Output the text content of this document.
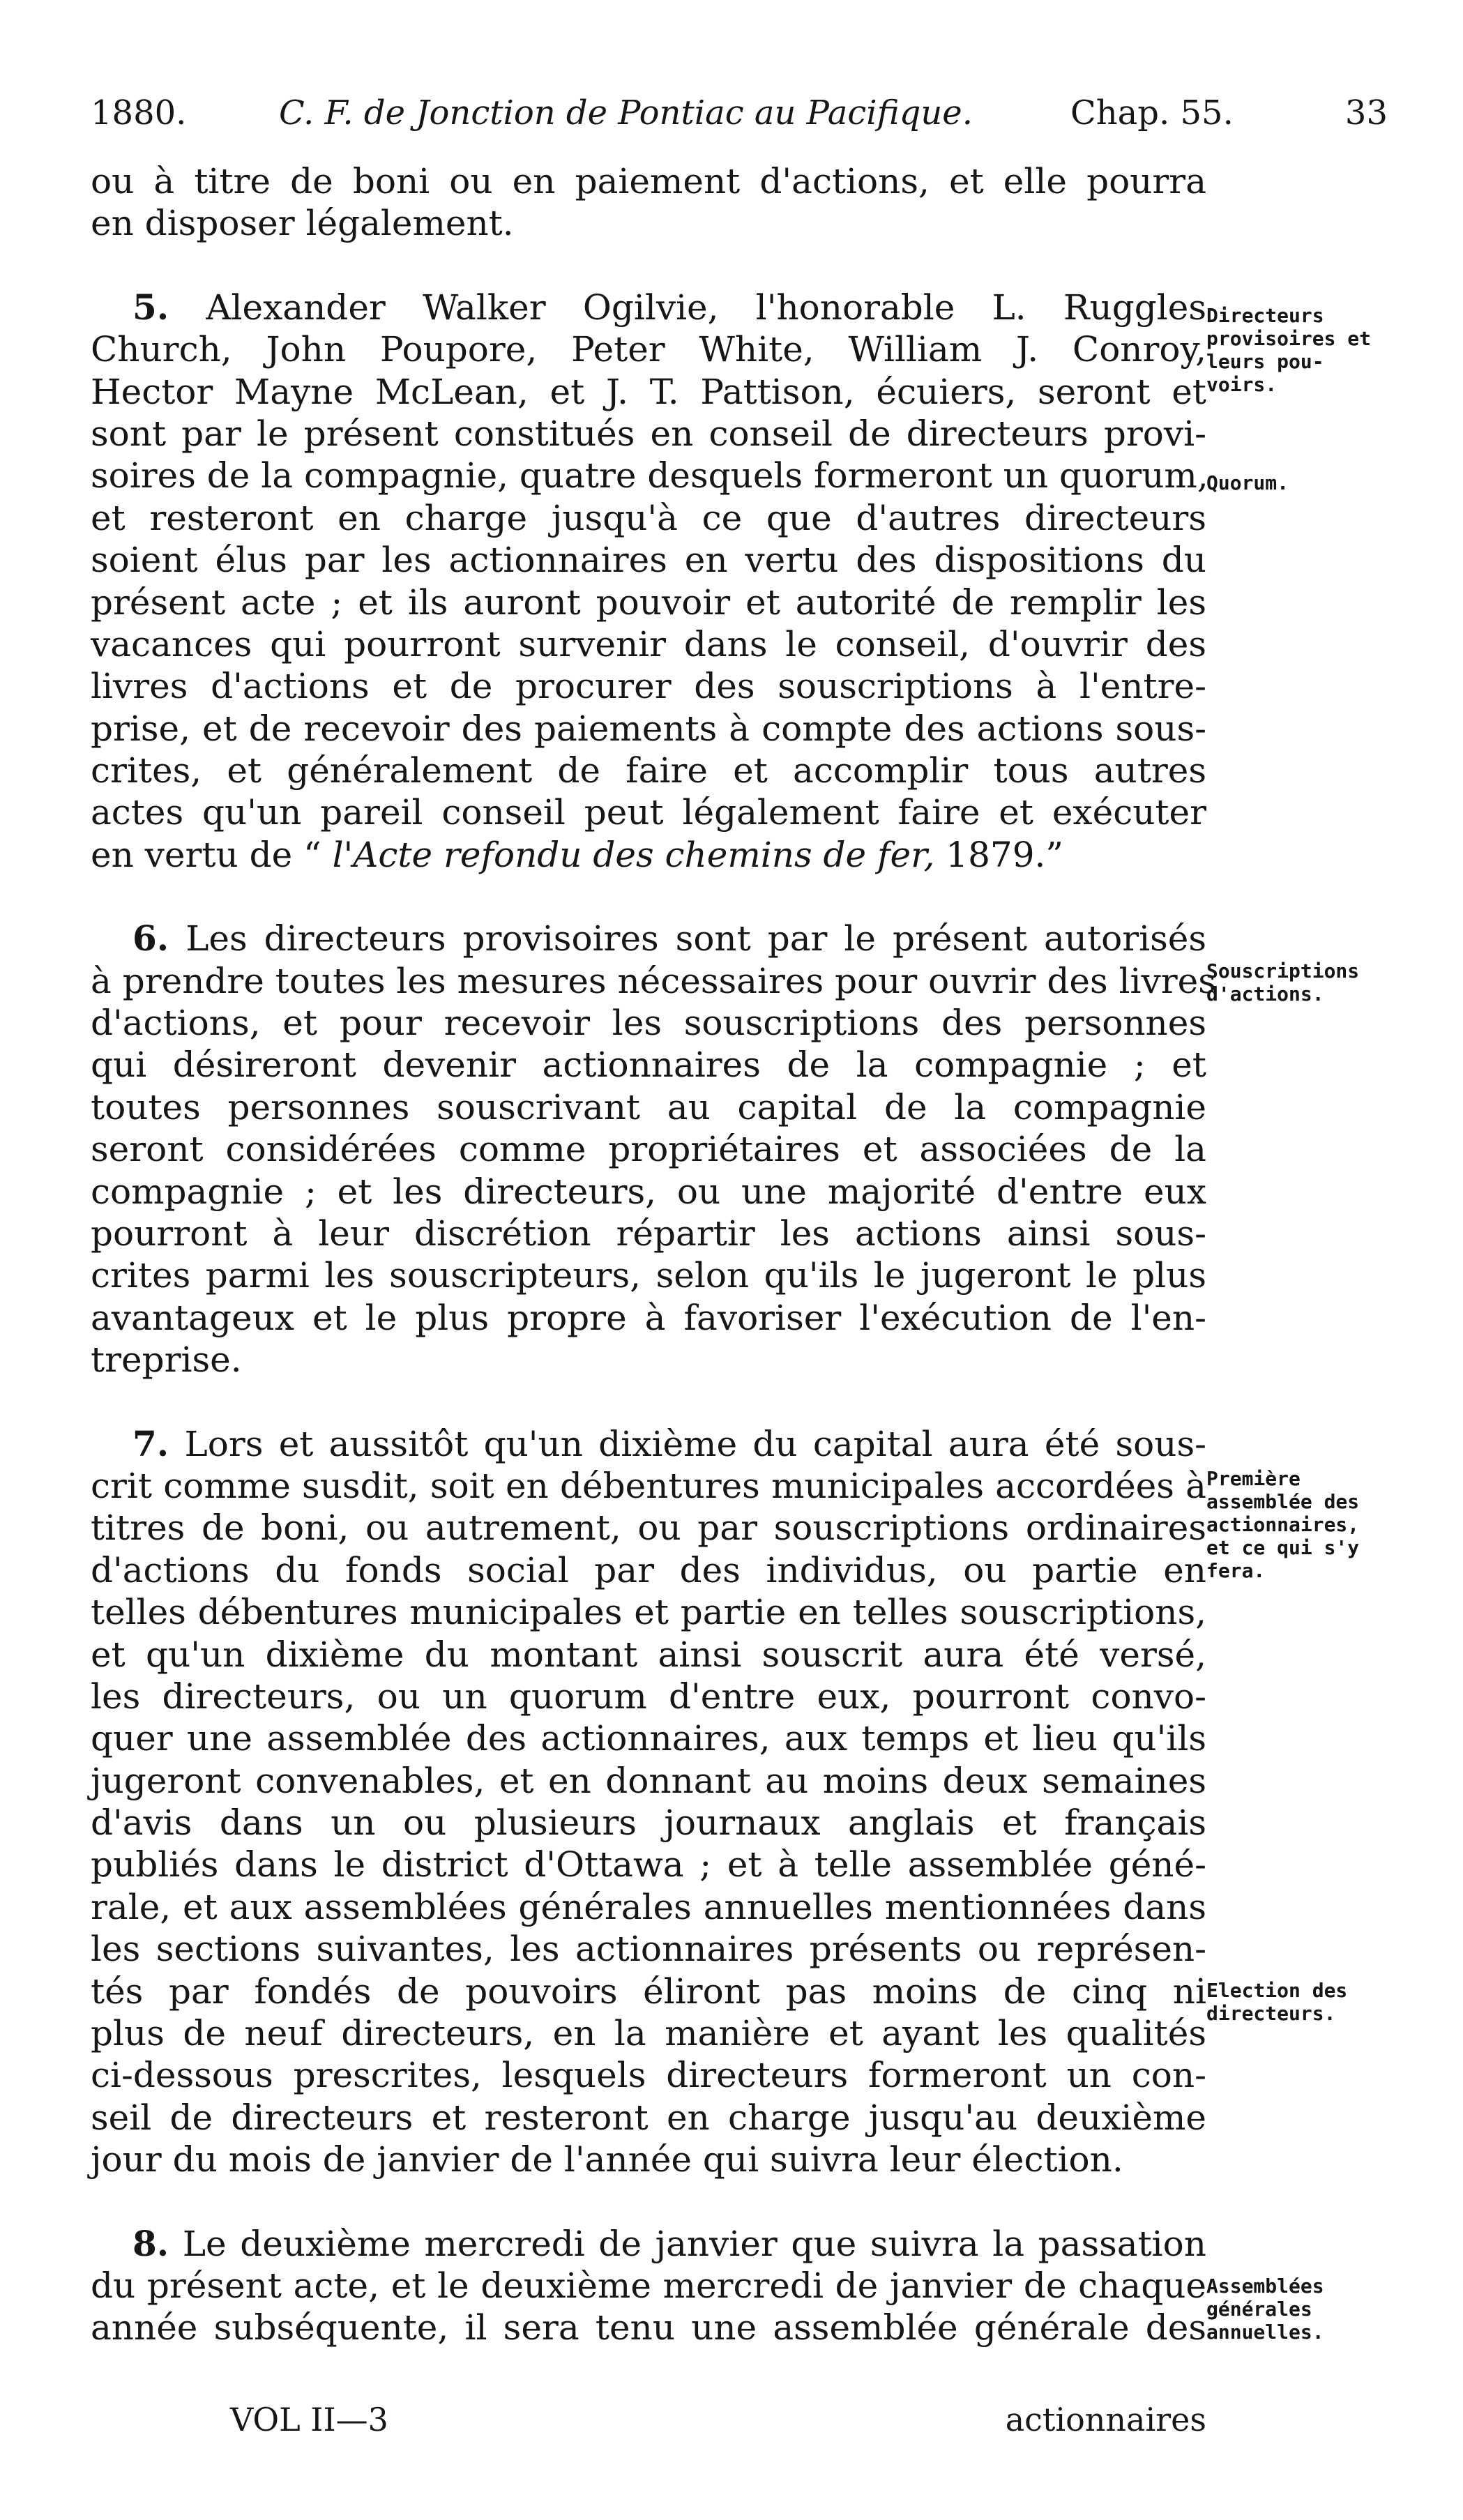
1880.	C. F. de Jonction de Pontiac au Pacifique.	Chap. 55.	33
ou à titre de boni ou en paiement d'actions, et elle pourra
en disposer légalement.
5. Alexander Walker Ogilvie, l'honorable L. Ruggles
Church, John Poupore, Peter White, William J. Conroy,
Hector Mayne McLean, et J. T. Pattison, écuiers, seront et
sont par le présent constitués en conseil de directeurs provi-
soires de la compagnie, quatre desquels formeront un quorum,
et resteront en charge jusqu'à ce que d'autres directeurs
soient élus par les actionnaires en vertu des dispositions du
présent acte ; et ils auront pouvoir et autorité de remplir les
vacances qui pourront survenir dans le conseil, d'ouvrir des
livres d'actions et de procurer des souscriptions à l'entre-
prise, et de recevoir des paiements à compte des actions sous-
crites, et généralement de faire et accomplir tous autres
actes qu'un pareil conseil peut légalement faire et exécuter
en vertu de “ l'Acte refondu des chemins de fer, 1879.”
6. Les directeurs provisoires sont par le présent autorisés
à prendre toutes les mesures nécessaires pour ouvrir des livres
d'actions, et pour recevoir les souscriptions des personnes
qui désireront devenir actionnaires de la compagnie ; et
toutes personnes souscrivant au capital de la compagnie
seront considérées comme propriétaires et associées de la
compagnie ; et les directeurs, ou une majorité d'entre eux
pourront à leur discrétion répartir les actions ainsi sous-
crites parmi les souscripteurs, selon qu'ils le jugeront le plus
avantageux et le plus propre à favoriser l'exécution de l'en-
treprise.
7. Lors et aussitôt qu'un dixième du capital aura été sous-
crit comme susdit, soit en débentures municipales accordées à
titres de boni, ou autrement, ou par souscriptions ordinaires
d'actions du fonds social par des individus, ou partie en
telles débentures municipales et partie en telles souscriptions,
et qu'un dixième du montant ainsi souscrit aura été versé,
les directeurs, ou un quorum d'entre eux, pourront convo-
quer une assemblée des actionnaires, aux temps et lieu qu'ils
jugeront convenables, et en donnant au moins deux semaines
d'avis dans un ou plusieurs journaux anglais et français
publiés dans le district d'Ottawa ; et à telle assemblée géné-
rale, et aux assemblées générales annuelles mentionnées dans
les sections suivantes, les actionnaires présents ou représen-
tés par fondés de pouvoirs éliront pas moins de cinq ni
plus de neuf directeurs, en la manière et ayant les qualités
ci-dessous prescrites, lesquels directeurs formeront un con-
seil de directeurs et resteront en charge jusqu'au deuxième
jour du mois de janvier de l'année qui suivra leur élection.
8. Le deuxième mercredi de janvier que suivra la passation
du présent acte, et le deuxième mercredi de janvier de chaque
année subséquente, il sera tenu une assemblée générale des
Directeurs
provisoires et
leurs pou-
voirs.
Quorum.
Souscriptions
d'actions.
Première
assemblée des
actionnaires,
et ce qui s'y
fera.
Election des
directeurs.
Assemblées
générales
annuelles.
VOL II—3	actionnaires
